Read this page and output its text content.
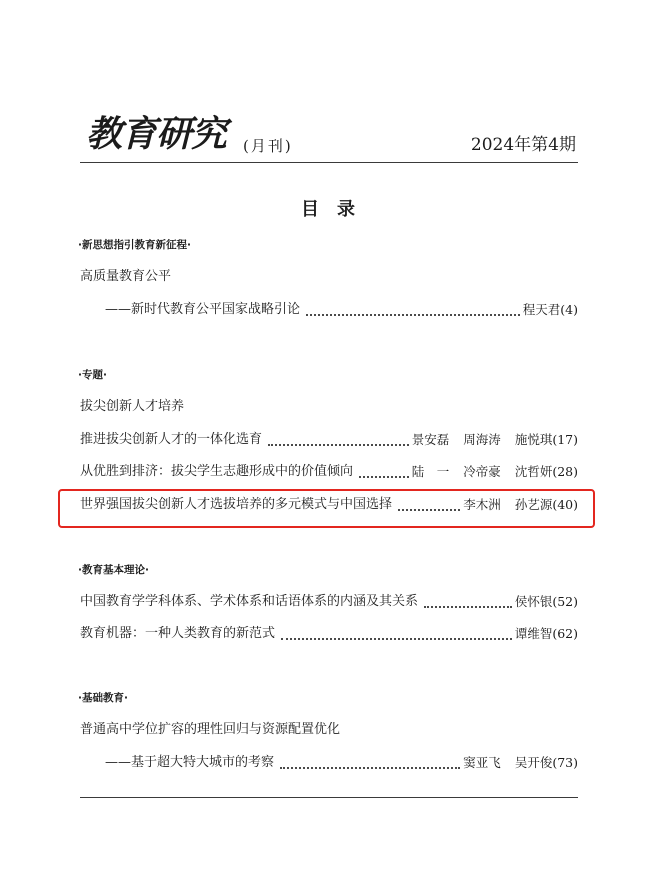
教育研究 (月刊)	2024年第4期
目　录
·新思想指引教育新征程·
高质量教育公平
——新时代教育公平国家战略引论	程天君 (4)
·专题·
拔尖创新人才培养
推进拔尖创新人才的一体化选育	景安磊 周海涛 施悦琪 (17)
从优胜到排济：拔尖学生志趣形成中的价值倾向	陆　一 冷帝豪 沈哲妍 (28)
世界强国拔尖创新人才选拔培养的多元模式与中国选择	李木洲 孙艺源 (40)
·教育基本理论·
中国教育学学科体系、学术体系和话语体系的内涵及其关系	侯怀银 (52)
教育机器：一种人类教育的新范式	谭维智 (62)
·基础教育·
普通高中学位扩容的理性回归与资源配置优化
——基于超大特大城市的考察	窦亚飞 吴开俊 (73)
